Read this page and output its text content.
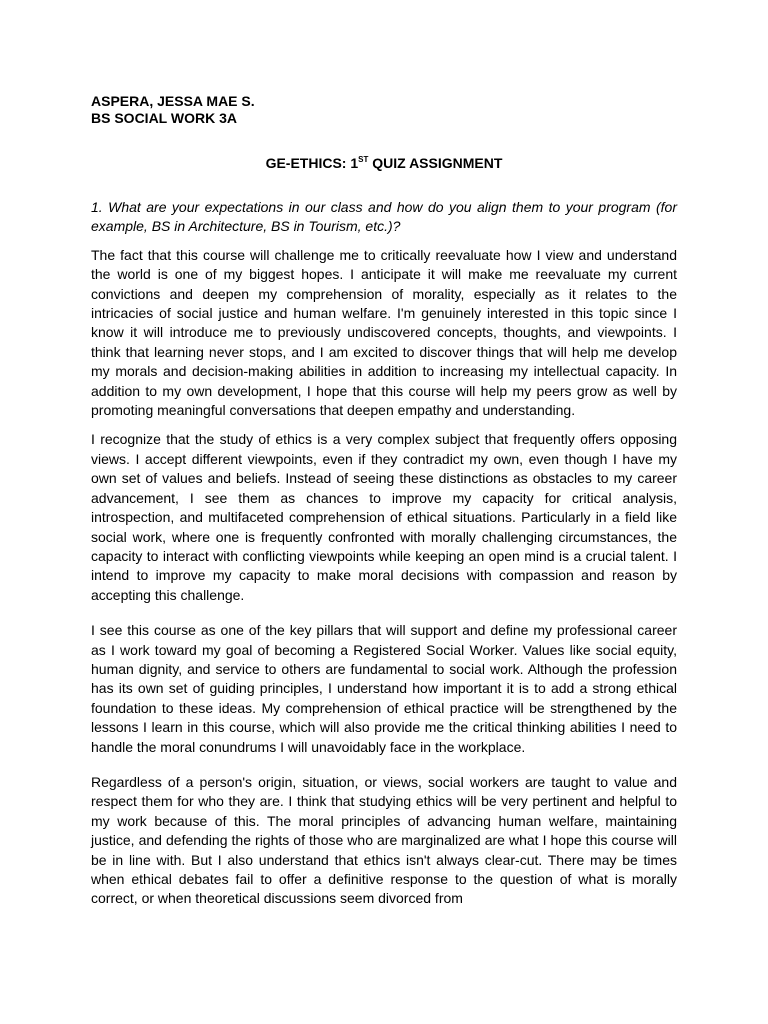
ASPERA, JESSA MAE S.

BS SOCIAL WORK 3A

GE-ETHICS: 1ST QUIZ ASSIGNMENT

1. What are your expectations in our class and how do you align them to your program (for example, BS in Architecture, BS in Tourism, etc.)?

The fact that this course will challenge me to critically reevaluate how I view and understand the world is one of my biggest hopes. I anticipate it will make me reevaluate my current convictions and deepen my comprehension of morality, especially as it relates to the intricacies of social justice and human welfare. I'm genuinely interested in this topic since I know it will introduce me to previously undiscovered concepts, thoughts, and viewpoints. I think that learning never stops, and I am excited to discover things that will help me develop my morals and decision-making abilities in addition to increasing my intellectual capacity. In addition to my own development, I hope that this course will help my peers grow as well by promoting meaningful conversations that deepen empathy and understanding.

I recognize that the study of ethics is a very complex subject that frequently offers opposing views. I accept different viewpoints, even if they contradict my own, even though I have my own set of values and beliefs. Instead of seeing these distinctions as obstacles to my career advancement, I see them as chances to improve my capacity for critical analysis, introspection, and multifaceted comprehension of ethical situations. Particularly in a field like social work, where one is frequently confronted with morally challenging circumstances, the capacity to interact with conflicting viewpoints while keeping an open mind is a crucial talent. I intend to improve my capacity to make moral decisions with compassion and reason by accepting this challenge.

I see this course as one of the key pillars that will support and define my professional career as I work toward my goal of becoming a Registered Social Worker. Values like social equity, human dignity, and service to others are fundamental to social work. Although the profession has its own set of guiding principles, I understand how important it is to add a strong ethical foundation to these ideas. My comprehension of ethical practice will be strengthened by the lessons I learn in this course, which will also provide me the critical thinking abilities I need to handle the moral conundrums I will unavoidably face in the workplace.

Regardless of a person's origin, situation, or views, social workers are taught to value and respect them for who they are. I think that studying ethics will be very pertinent and helpful to my work because of this. The moral principles of advancing human welfare, maintaining justice, and defending the rights of those who are marginalized are what I hope this course will be in line with. But I also understand that ethics isn't always clear-cut. There may be times when ethical debates fail to offer a definitive response to the question of what is morally correct, or when theoretical discussions seem divorced from
